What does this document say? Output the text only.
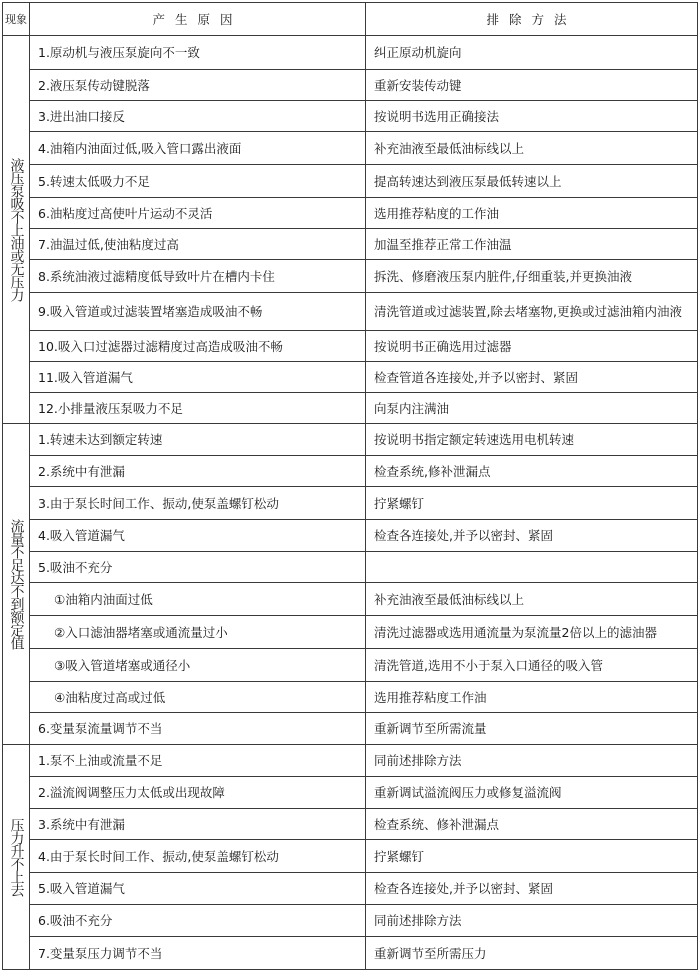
现象	产生原因	排除方法
液压泵吸不上油或无压力	1.原动机与液压泵旋向不一致	纠正原动机旋向
	2.液压泵传动键脱落	重新安装传动键
	3.进出油口接反	按说明书选用正确接法
	4.油箱内油面过低,吸入管口露出液面	补充油液至最低油标线以上
	5.转速太低吸力不足	提高转速达到液压泵最低转速以上
	6.油粘度过高使叶片运动不灵活	选用推荐粘度的工作油
	7.油温过低,使油粘度过高	加温至推荐正常工作油温
	8.系统油液过滤精度低导致叶片在槽内卡住	拆洗、修磨液压泵内脏件,仔细重装,并更换油液
	9.吸入管道或过滤装置堵塞造成吸油不畅	清洗管道或过滤装置,除去堵塞物,更换或过滤油箱内油液
	10.吸入口过滤器过滤精度过高造成吸油不畅	按说明书正确选用过滤器
	11.吸入管道漏气	检查管道各连接处,并予以密封、紧固
	12.小排量液压泵吸力不足	向泵内注满油
流量不足达不到额定值	1.转速未达到额定转速	按说明书指定额定转速选用电机转速
	2.系统中有泄漏	检查系统,修补泄漏点
	3.由于泵长时间工作、振动,使泵盖螺钉松动	拧紧螺钉
	4.吸入管道漏气	检查各连接处,并予以密封、紧固
	5.吸油不充分	
	①油箱内油面过低	补充油液至最低油标线以上
	②入口滤油器堵塞或通流量过小	清洗过滤器或选用通流量为泵流量2倍以上的滤油器
	③吸入管道堵塞或通径小	清洗管道,选用不小于泵入口通径的吸入管
	④油粘度过高或过低	选用推荐粘度工作油
	6.变量泵流量调节不当	重新调节至所需流量
压力升不上去	1.泵不上油或流量不足	同前述排除方法
	2.溢流阀调整压力太低或出现故障	重新调试溢流阀压力或修复溢流阀
	3.系统中有泄漏	检查系统、修补泄漏点
	4.由于泵长时间工作、振动,使泵盖螺钉松动	拧紧螺钉
	5.吸入管道漏气	检查各连接处,并予以密封、紧固
	6.吸油不充分	同前述排除方法
	7.变量泵压力调节不当	重新调节至所需压力
